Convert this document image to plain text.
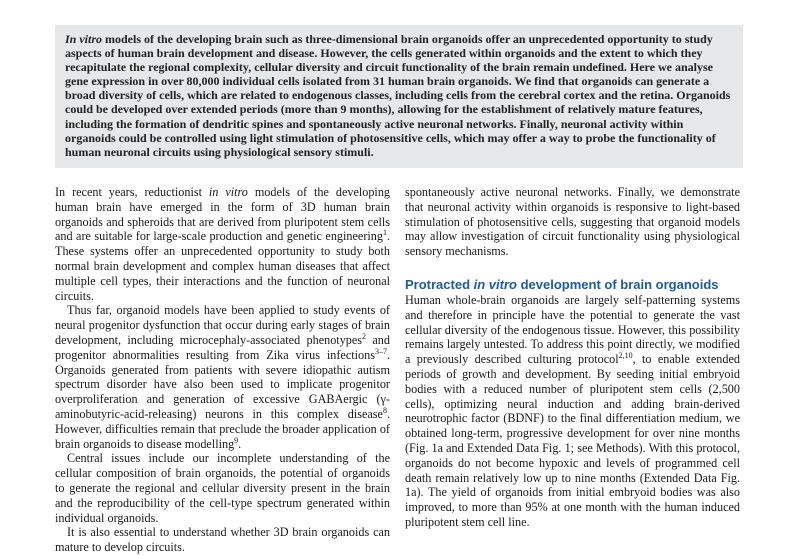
In vitro models of the developing brain such as three-dimensional brain organoids offer an unprecedented opportunity to study aspects of human brain development and disease. However, the cells generated within organoids and the extent to which they recapitulate the regional complexity, cellular diversity and circuit functionality of the brain remain undefined. Here we analyse gene expression in over 80,000 individual cells isolated from 31 human brain organoids. We find that organoids can generate a broad diversity of cells, which are related to endogenous classes, including cells from the cerebral cortex and the retina. Organoids could be developed over extended periods (more than 9 months), allowing for the establishment of relatively mature features, including the formation of dendritic spines and spontaneously active neuronal networks. Finally, neuronal activity within organoids could be controlled using light stimulation of photosensitive cells, which may offer a way to probe the functionality of human neuronal circuits using physiological sensory stimuli.

In recent years, reductionist in vitro models of the developing human brain have emerged in the form of 3D human brain organoids and spheroids that are derived from pluripotent stem cells and are suitable for large-scale production and genetic engineering$^1$. These systems offer an unprecedented opportunity to study both normal brain development and complex human diseases that affect multiple cell types, their interactions and the function of neuronal circuits.

Thus far, organoid models have been applied to study events of neural progenitor dysfunction that occur during early stages of brain development, including microcephaly-associated phenotypes$^2$ and progenitor abnormalities resulting from Zika virus infections$^{3-7}$. Organoids generated from patients with severe idiopathic autism spectrum disorder have also been used to implicate progenitor overproliferation and generation of excessive GABAergic (γ-aminobutyric-acid-releasing) neurons in this complex disease$^8$. However, difficulties remain that preclude the broader application of brain organoids to disease modelling$^9$.

Central issues include our incomplete understanding of the cellular composition of brain organoids, the potential of organoids to generate the regional and cellular diversity present in the brain and the reproducibility of the cell-type spectrum generated within individual organoids.

It is also essential to understand whether 3D brain organoids can mature to develop circuits.

spontaneously active neuronal networks. Finally, we demonstrate that neuronal activity within organoids is responsive to light-based stimulation of photosensitive cells, suggesting that organoid models may allow investigation of circuit functionality using physiological sensory mechanisms.

Protracted in vitro development of brain organoids

Human whole-brain organoids are largely self-patterning systems and therefore in principle have the potential to generate the vast cellular diversity of the endogenous tissue. However, this possibility remains largely untested. To address this point directly, we modified a previously described culturing protocol$^{2,10}$, to enable extended periods of growth and development. By seeding initial embryoid bodies with a reduced number of pluripotent stem cells (2,500 cells), optimizing neural induction and adding brain-derived neurotrophic factor (BDNF) to the final differentiation medium, we obtained long-term, progressive development for over nine months (Fig. 1a and Extended Data Fig. 1; see Methods). With this protocol, organoids do not become hypoxic and levels of programmed cell death remain relatively low up to nine months (Extended Data Fig. 1a). The yield of organoids from initial embryoid bodies was also improved, to more than 95% at one month with the human induced pluripotent stem cell line.
